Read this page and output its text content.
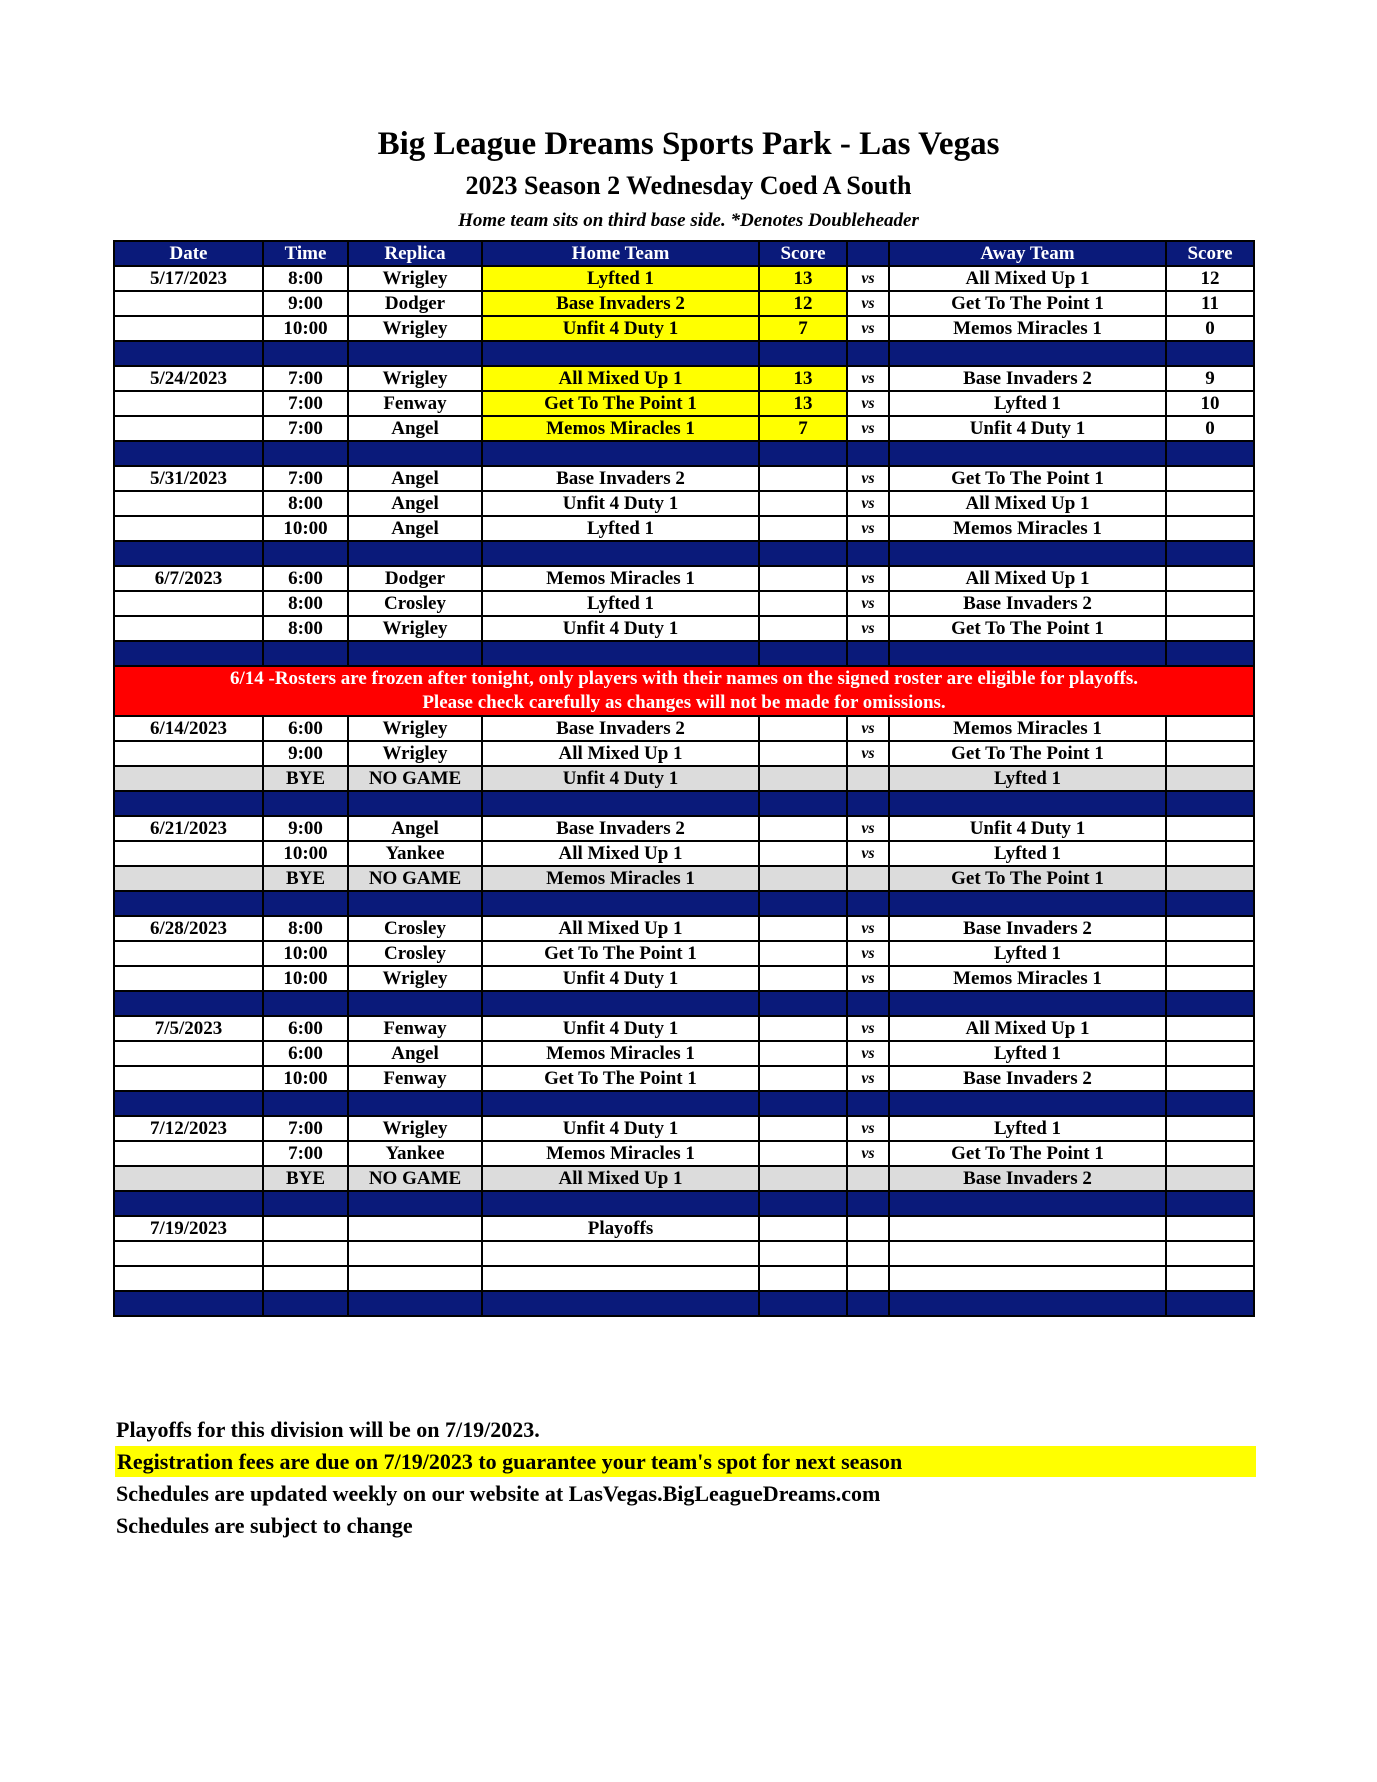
Big League Dreams Sports Park - Las Vegas
2023 Season 2 Wednesday Coed A South
Home team sits on third base side. *Denotes Doubleheader
Date	Time	Replica	Home Team	Score		Away Team	Score
5/17/2023	8:00	Wrigley	Lyfted 1	13	vs	All Mixed Up 1	12
	9:00	Dodger	Base Invaders 2	12	vs	Get To The Point 1	11
	10:00	Wrigley	Unfit 4 Duty 1	7	vs	Memos Miracles 1	0

5/24/2023	7:00	Wrigley	All Mixed Up 1	13	vs	Base Invaders 2	9
	7:00	Fenway	Get To The Point 1	13	vs	Lyfted 1	10
	7:00	Angel	Memos Miracles 1	7	vs	Unfit 4 Duty 1	0

5/31/2023	7:00	Angel	Base Invaders 2		vs	Get To The Point 1	
	8:00	Angel	Unfit 4 Duty 1		vs	All Mixed Up 1	
	10:00	Angel	Lyfted 1		vs	Memos Miracles 1	

6/7/2023	6:00	Dodger	Memos Miracles 1		vs	All Mixed Up 1	
	8:00	Crosley	Lyfted 1		vs	Base Invaders 2	
	8:00	Wrigley	Unfit 4 Duty 1		vs	Get To The Point 1	

6/14 -Rosters are frozen after tonight, only players with their names on the signed roster are eligible for playoffs.
Please check carefully as changes will not be made for omissions.							

6/14/2023	6:00	Wrigley	Base Invaders 2		vs	Memos Miracles 1	
	9:00	Wrigley	All Mixed Up 1		vs	Get To The Point 1	
	BYE	NO GAME	Unfit 4 Duty 1			Lyfted 1	

6/21/2023	9:00	Angel	Base Invaders 2		vs	Unfit 4 Duty 1	
	10:00	Yankee	All Mixed Up 1		vs	Lyfted 1	
	BYE	NO GAME	Memos Miracles 1			Get To The Point 1	

6/28/2023	8:00	Crosley	All Mixed Up 1		vs	Base Invaders 2	
	10:00	Crosley	Get To The Point 1		vs	Lyfted 1	
	10:00	Wrigley	Unfit 4 Duty 1		vs	Memos Miracles 1	

7/5/2023	6:00	Fenway	Unfit 4 Duty 1		vs	All Mixed Up 1	
	6:00	Angel	Memos Miracles 1		vs	Lyfted 1	
	10:00	Fenway	Get To The Point 1		vs	Base Invaders 2	

7/12/2023	7:00	Wrigley	Unfit 4 Duty 1		vs	Lyfted 1	
	7:00	Yankee	Memos Miracles 1		vs	Get To The Point 1	
	BYE	NO GAME	All Mixed Up 1			Base Invaders 2	

7/19/2023			Playoffs				

Playoffs for this division will be on 7/19/2023.
Registration fees are due on 7/19/2023 to guarantee your team's spot for next season
Schedules are updated weekly on our website at LasVegas.BigLeagueDreams.com
Schedules are subject to change
